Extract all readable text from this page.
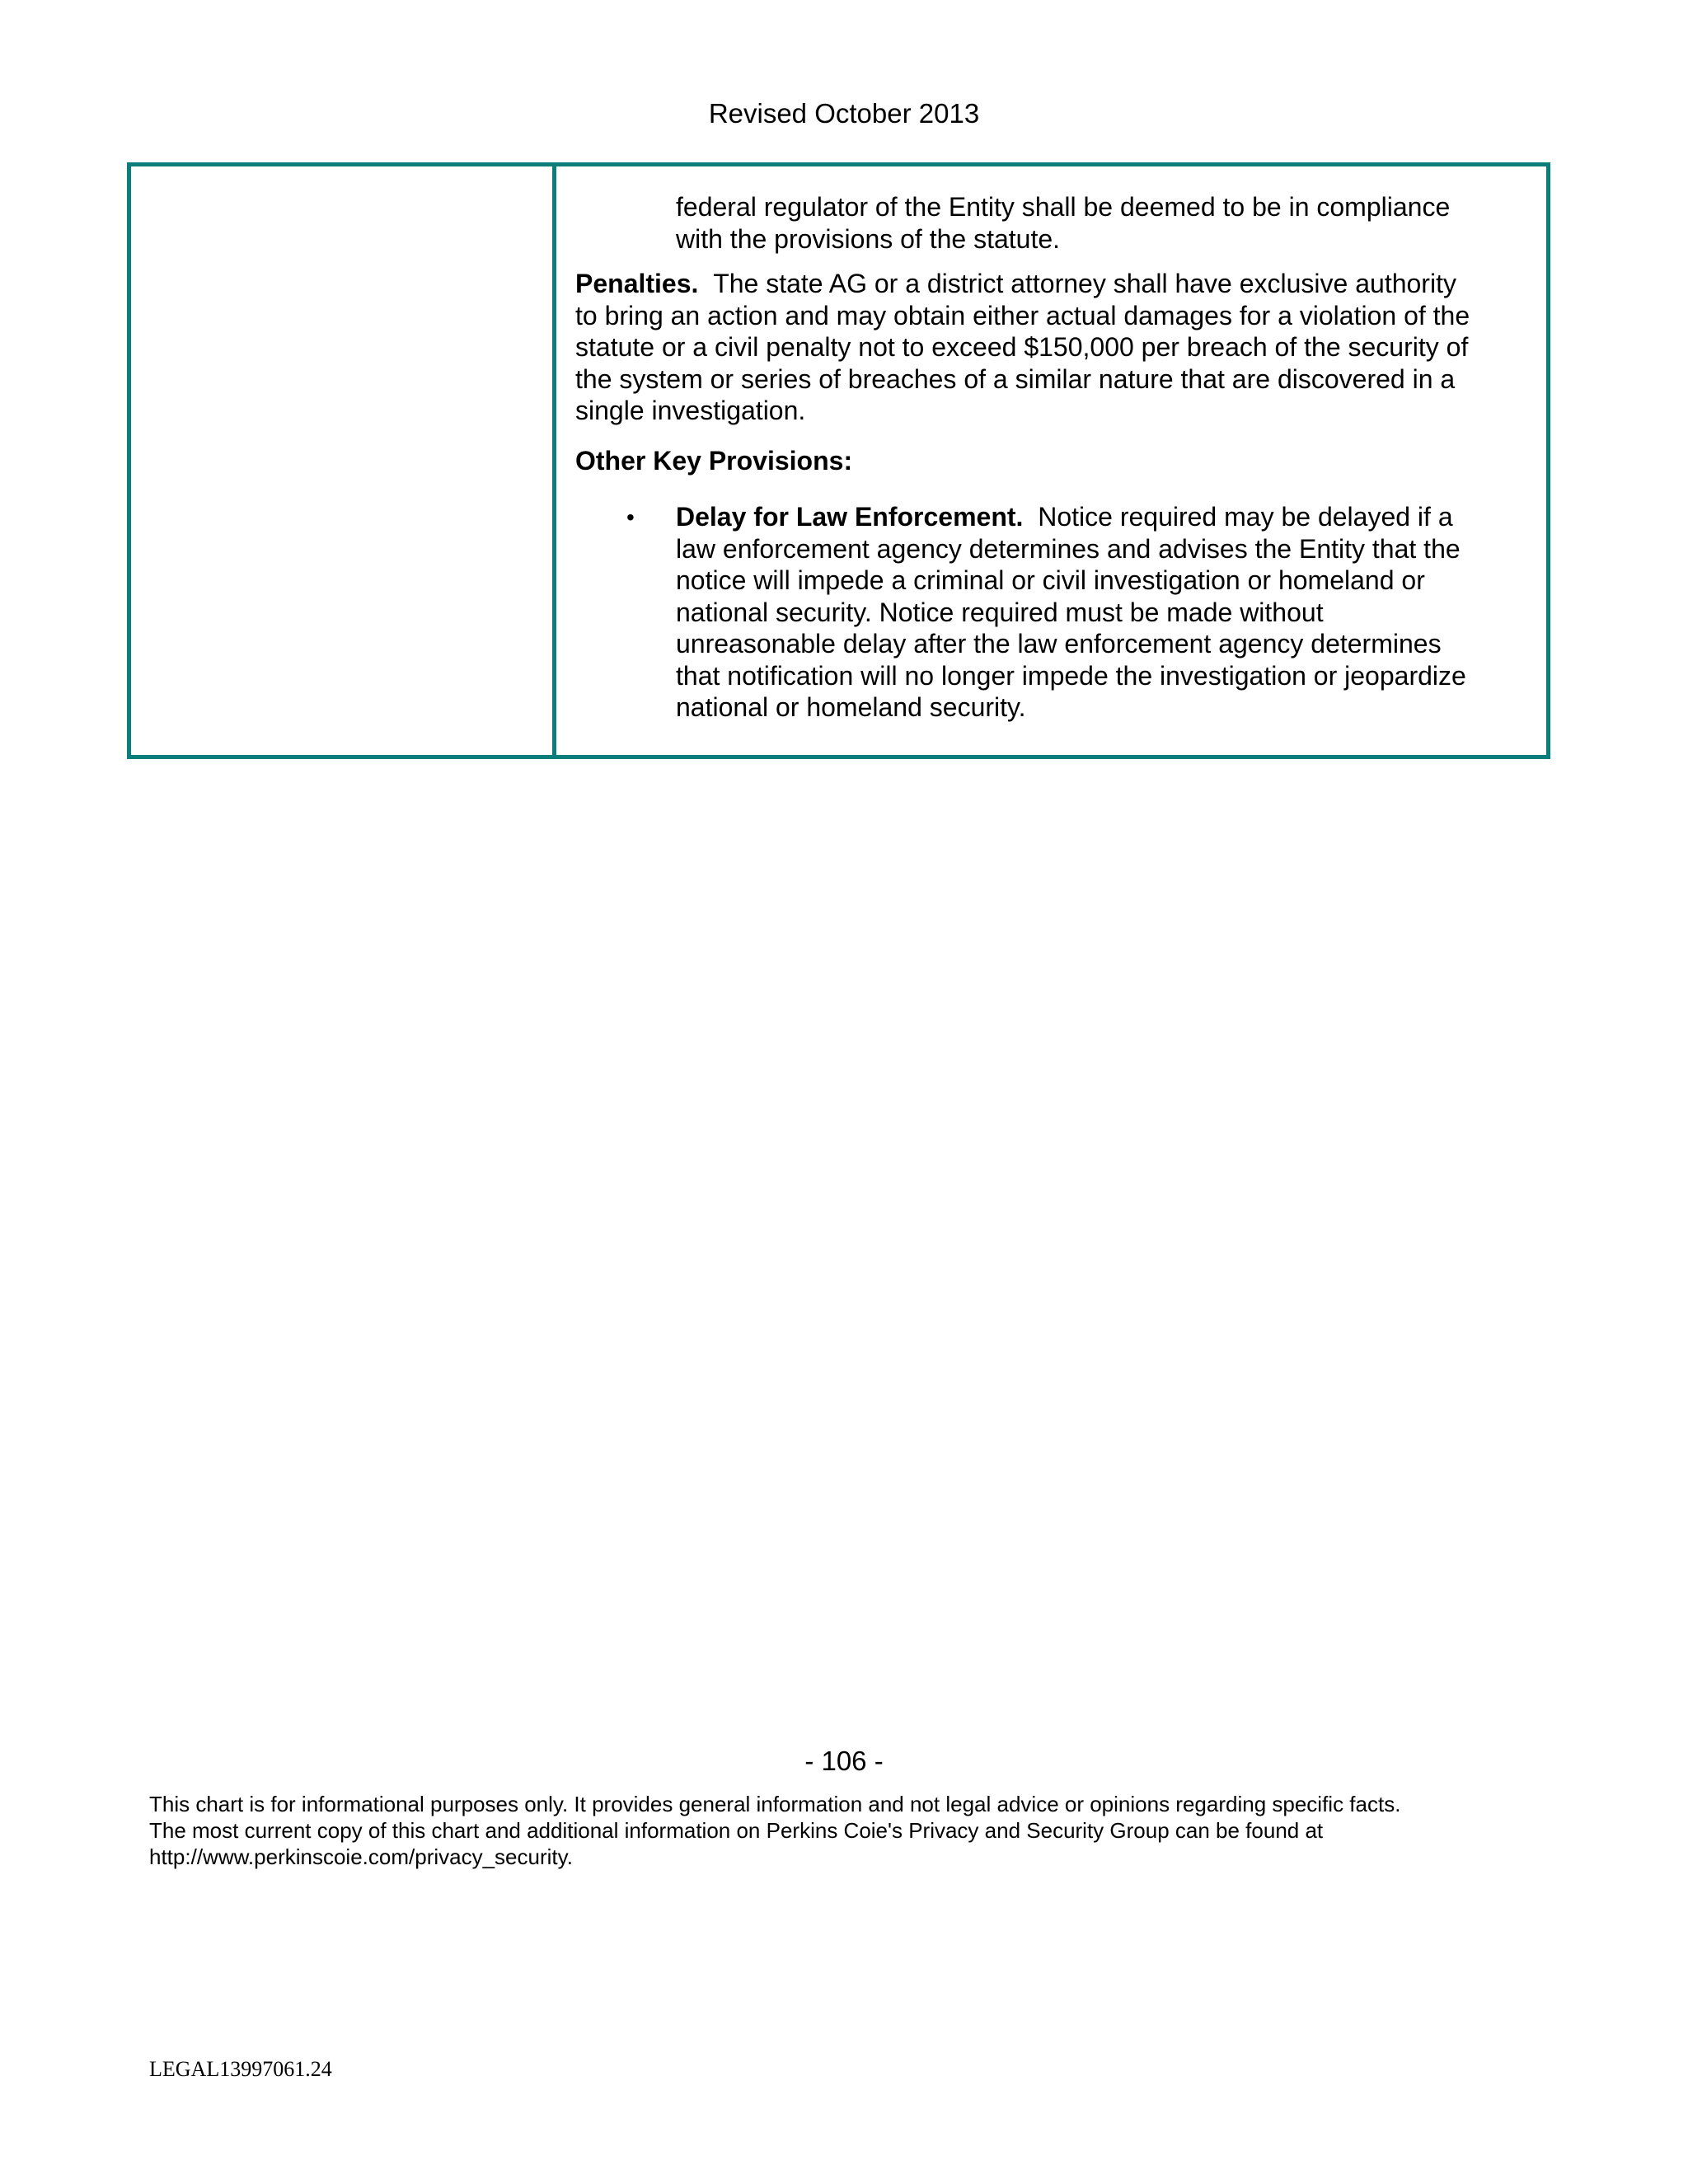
Revised October 2013
federal regulator of the Entity shall be deemed to be in compliance
with the provisions of the statute.
Penalties. The state AG or a district attorney shall have exclusive authority
to bring an action and may obtain either actual damages for a violation of the
statute or a civil penalty not to exceed $150,000 per breach of the security of
the system or series of breaches of a similar nature that are discovered in a
single investigation.
Other Key Provisions:
• Delay for Law Enforcement. Notice required may be delayed if a
law enforcement agency determines and advises the Entity that the
notice will impede a criminal or civil investigation or homeland or
national security. Notice required must be made without
unreasonable delay after the law enforcement agency determines
that notification will no longer impede the investigation or jeopardize
national or homeland security.
- 106 -
This chart is for informational purposes only. It provides general information and not legal advice or opinions regarding specific facts.
The most current copy of this chart and additional information on Perkins Coie's Privacy and Security Group can be found at
http://www.perkinscoie.com/privacy_security.
LEGAL13997061.24
